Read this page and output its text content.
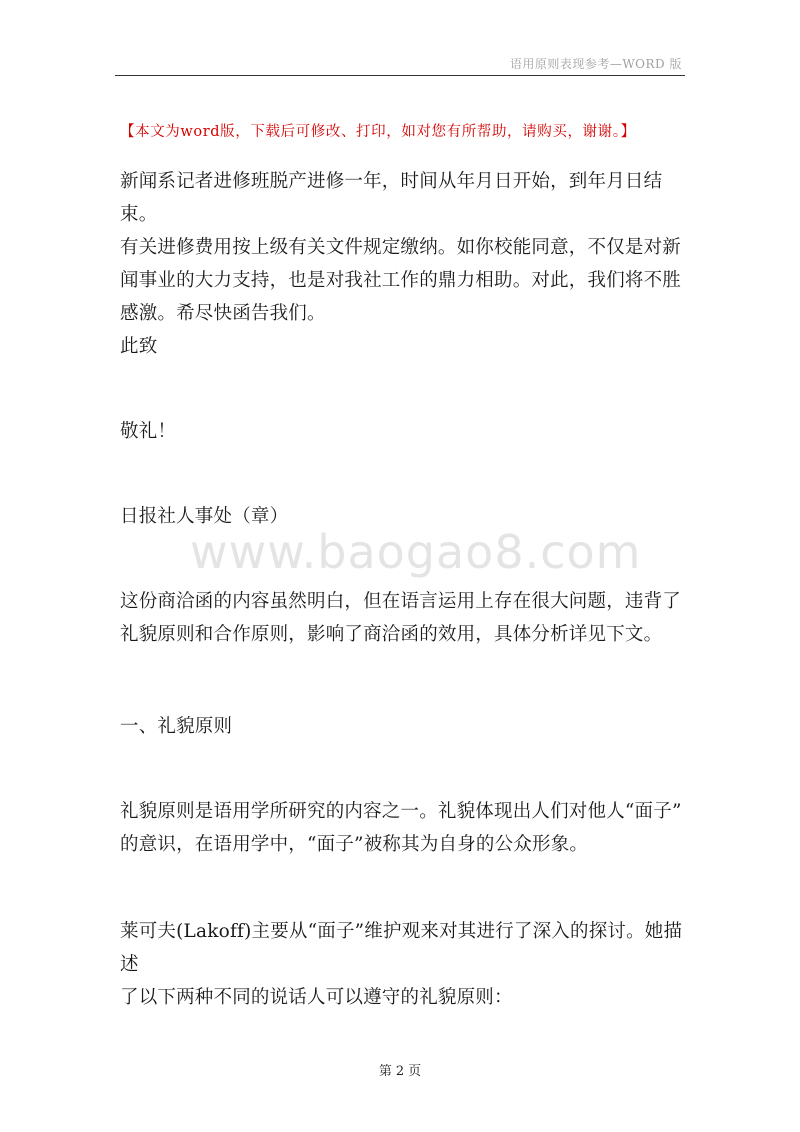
语用原则表现参考—WORD 版
【本文为word版，下载后可修改、打印，如对您有所帮助，请购买，谢谢。】
新闻系记者进修班脱产进修一年，时间从年月日开始，到年月日结束。
有关进修费用按上级有关文件规定缴纳。如你校能同意，不仅是对新
闻事业的大力支持，也是对我社工作的鼎力相助。对此，我们将不胜
感激。希尽快函告我们。
此致
敬礼！
日报社人事处（章）
www.baogao8.com
这份商洽函的内容虽然明白，但在语言运用上存在很大问题，违背了
礼貌原则和合作原则，影响了商洽函的效用，具体分析详见下文。
一、礼貌原则
礼貌原则是语用学所研究的内容之一。礼貌体现出人们对他人“面子”
的意识，在语用学中，“面子”被称其为自身的公众形象。
莱可夫(Lakoff)主要从“面子”维护观来对其进行了深入的探讨。她描述
了以下两种不同的说话人可以遵守的礼貌原则：
第 2 页
